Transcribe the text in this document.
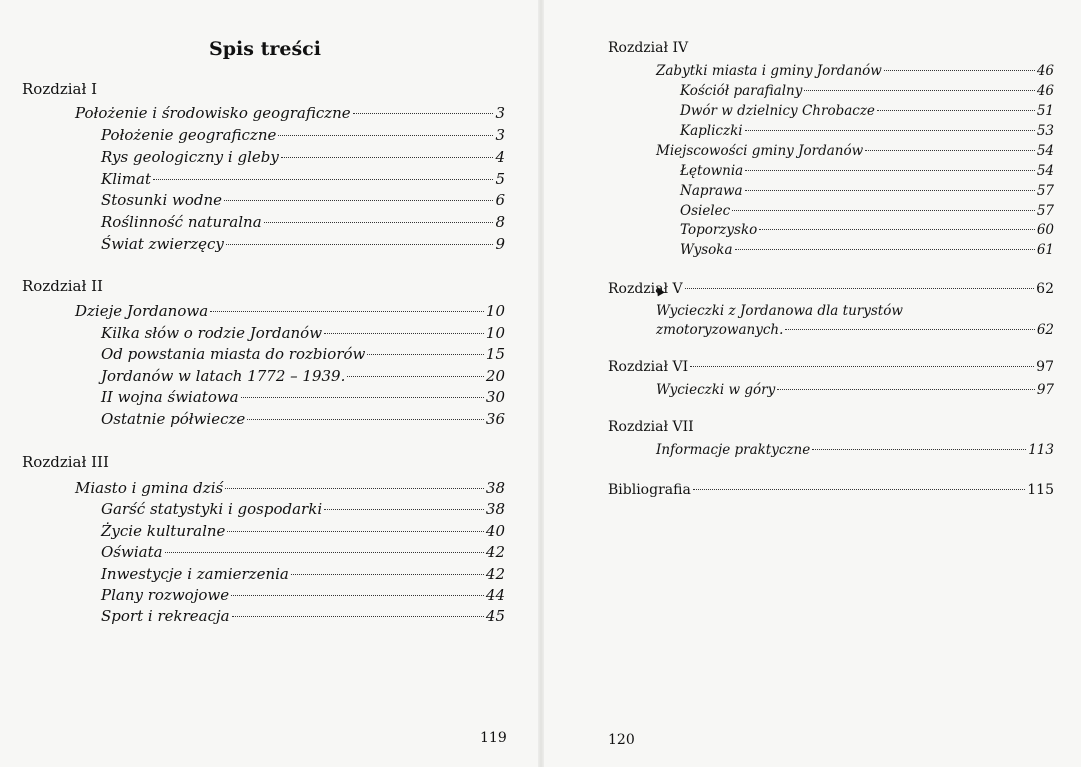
Spis treści
Rozdział I
Położenie i środowisko geograficzne	3
Położenie geograficzne	3
Rys geologiczny i gleby	4
Klimat	5
Stosunki wodne	6
Roślinność naturalna	8
Świat zwierzęcy	9
Rozdział II
Dzieje Jordanowa	10
Kilka słów o rodzie Jordanów	10
Od powstania miasta do rozbiorów	15
Jordanów w latach 1772 – 1939.	20
II wojna światowa	30
Ostatnie półwiecze	36
Rozdział III
Miasto i gmina dziś	38
Garść statystyki i gospodarki	38
Życie kulturalne	40
Oświata	42
Inwestycje i zamierzenia	42
Plany rozwojowe	44
Sport i rekreacja	45
119
Rozdział IV
Zabytki miasta i gminy Jordanów	46
Kościół parafialny	46
Dwór w dzielnicy Chrobacze	51
Kapliczki	53
Miejscowości gminy Jordanów	54
Łętownia	54
Naprawa	57
Osielec	57
Toporzysko	60
Wysoka	61
Rozdział V	62
Wycieczki z Jordanowa dla turystów
zmotoryzowanych.	62
Rozdział VI	97
Wycieczki w góry	97
Rozdział VII
Informacje praktyczne	113
Bibliografia	115
120
